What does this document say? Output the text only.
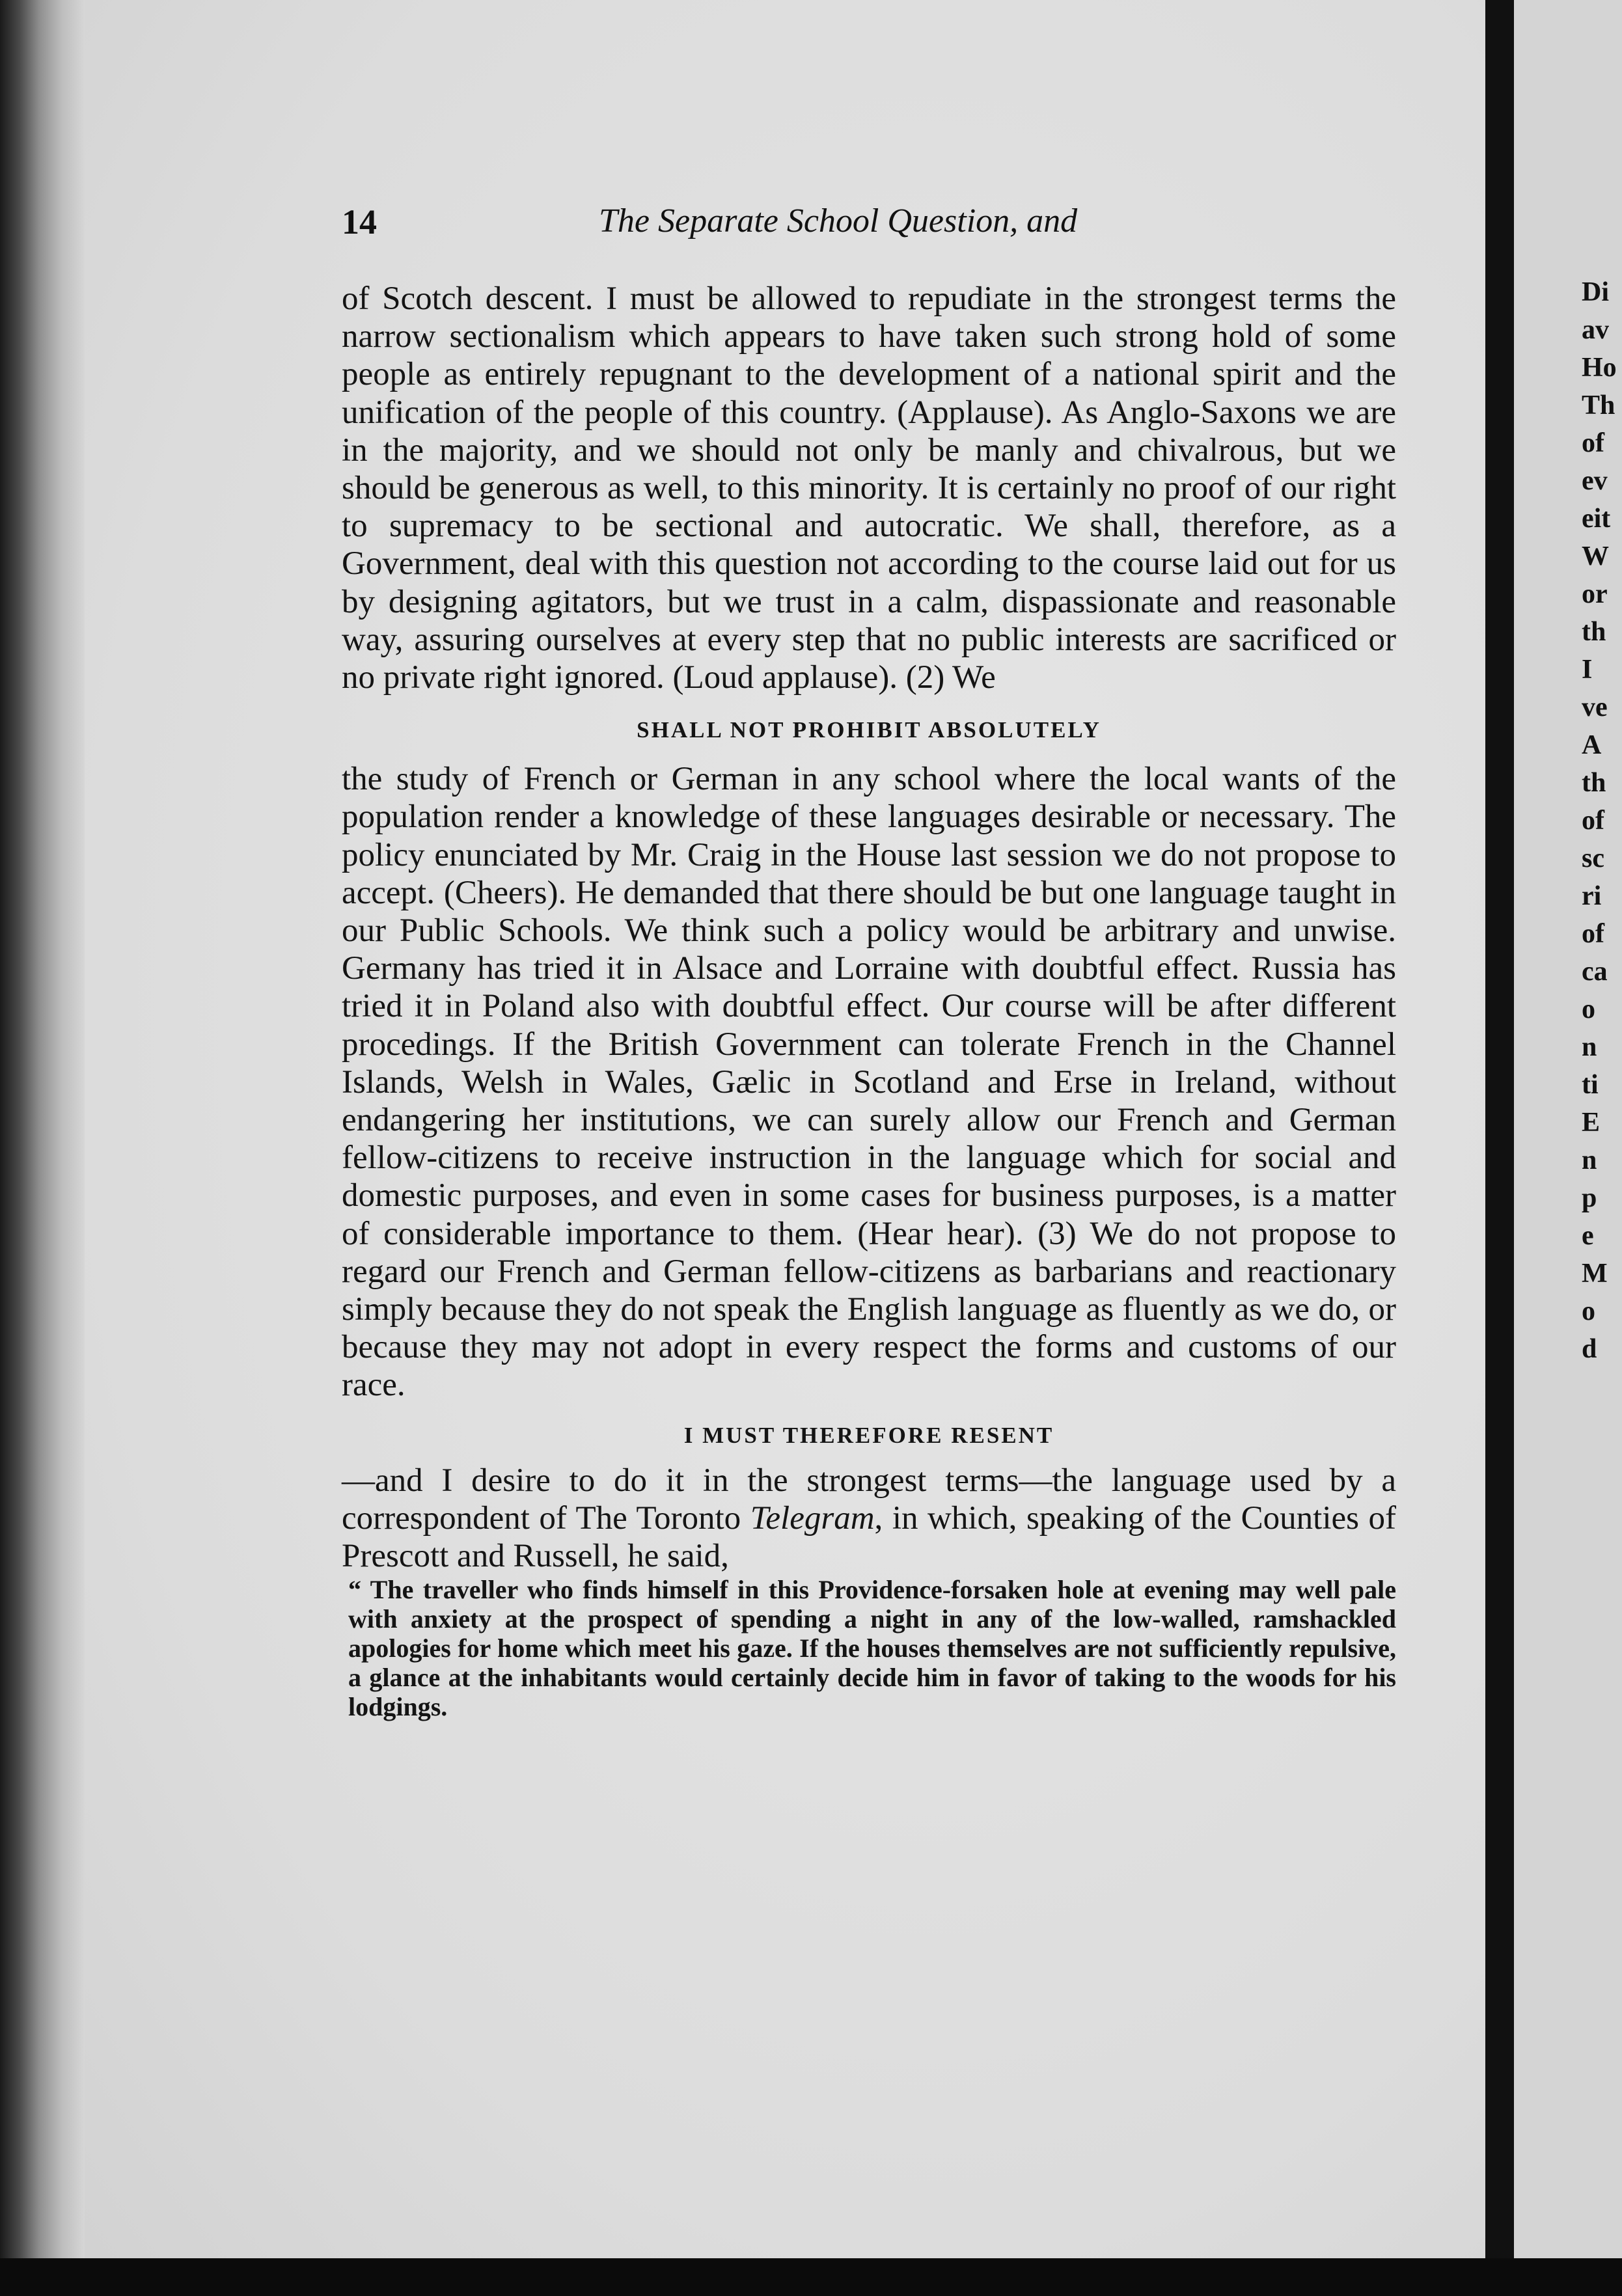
14	The Separate School Question, and

of Scotch descent. I must be allowed to repudiate in the strongest terms the narrow sectionalism which appears to have taken such strong hold of some people as entirely repugnant to the development of a national spirit and the unification of the people of this country. (Applause). As Anglo-Saxons we are in the majority, and we should not only be manly and chivalrous, but we should be generous as well, to this minority. It is certainly no proof of our right to supremacy to be sectional and autocratic. We shall, therefore, as a Government, deal with this question not according to the course laid out for us by designing agitators, but we trust in a calm, dispassionate and reasonable way, assuring ourselves at every step that no public interests are sacrificed or no private right ignored. (Loud applause). (2) We

SHALL NOT PROHIBIT ABSOLUTELY

the study of French or German in any school where the local wants of the population render a knowledge of these languages desirable or necessary. The policy enunciated by Mr. Craig in the House last session we do not propose to accept. (Cheers). He demanded that there should be but one language taught in our Public Schools. We think such a policy would be arbitrary and unwise. Germany has tried it in Alsace and Lorraine with doubtful effect. Russia has tried it in Poland also with doubtful effect. Our course will be after different procedings. If the British Government can tolerate French in the Channel Islands, Welsh in Wales, Gælic in Scotland and Erse in Ireland, without endangering her institutions, we can surely allow our French and German fellow-citizens to receive instruction in the language which for social and domestic purposes, and even in some cases for business purposes, is a matter of considerable importance to them. (Hear hear). (3) We do not propose to regard our French and German fellow-citizens as barbarians and reactionary simply because they do not speak the English language as fluently as we do, or because they may not adopt in every respect the forms and customs of our race.

I MUST THEREFORE RESENT

—and I desire to do it in the strongest terms—the language used by a correspondent of The Toronto Telegram, in which, speaking of the Counties of Prescott and Russell, he said,

“ The traveller who finds himself in this Providence-forsaken hole at evening may well pale with anxiety at the prospect of spending a night in any of the low-walled, ramshackled apologies for home which meet his gaze. If the houses themselves are not sufficiently repulsive, a glance at the inhabitants would certainly decide him in favor of taking to the woods for his lodgings.

Di
av
Ho
Th
of
ev
eit
W
or
th
I
ve
A
th
of
sc
ri
of
ca
o
n
ti
E
n
p
e
M
o
d
